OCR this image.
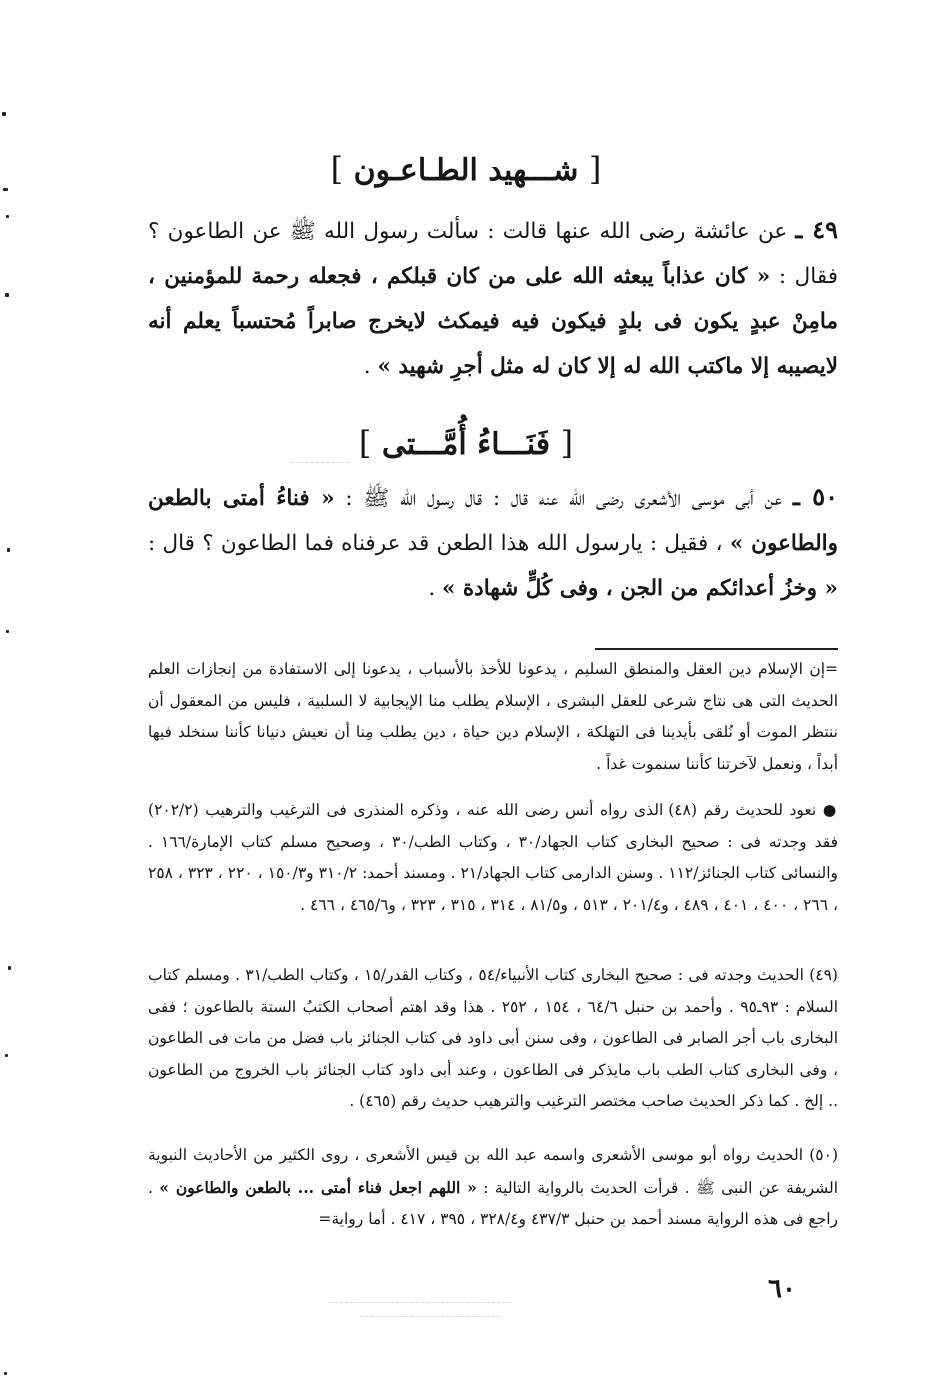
[ شـــهيد الطـاعـون ]
٤٩ ـ عن عائشة رضى الله عنها قالت : سألت رسول الله ﷺ عن الطاعون ؟ فقال : « كان عذاباً يبعثه الله على من كان قبلكم ، فجعله رحمة للمؤمنين ، مامِنْ عبدٍ يكون فى بلدٍ فيكون فيه فيمكث لايخرج صابراً مُحتسباً يعلم أنه لايصيبه إلا ماكتب الله له إلا كان له مثل أجرِ شهيد » .
[ فَنَـــاءُ أُمَّـــتى ]
٥٠ ـ عن أبى موسى الأشعرى رضى الله عنه قال : قال رسول الله ﷺ : « فناءُ أمتى بالطعن والطاعون » ، فقيل : يارسول الله هذا الطعن قد عرفناه فما الطاعون ؟ قال : « وخزُ أعدائكم من الجن ، وفى كُلٍّ شهادة » .
=إن الإسلام دين العقل والمنطق السليم ، يدعونا للأخذ بالأسباب ، يدعونا إلى الاستفادة من إنجازات العلم الحديث التى هى نتاج شرعى للعقل البشرى ، الإسلام يطلب منا الإيجابية لا السلبية ، فليس من المعقول أن ننتظر الموت أو نُلقى بأيدينا فى التهلكة ، الإسلام دين حياة ، دين يطلب مِنا أن نعيش دنيانا كأننا سنخلد فيها أبداً ، ونعمل لآخرتنا كأننا سنموت غداً .
● نعود للحديث رقم (٤٨) الذى رواه أنس رضى الله عنه ، وذكره المنذرى فى الترغيب والترهيب (٢٠٢/٢) فقد وجدته فى : صحيح البخارى كتاب الجهاد/٣٠ ، وكتاب الطب/٣٠ ، وصحيح مسلم كتاب الإمارة/١٦٦ . والنسائى كتاب الجنائز/١١٢ . وسنن الدارمى كتاب الجهاد/٢١ . ومسند أحمد: ٣١٠/٢ و١٥٠/٣ ، ٢٢٠ ، ٣٢٣ ، ٢٥٨ ، ٢٦٦ ، ٤٠٠ ، ٤٠١ ، ٤٨٩ ، و٢٠١/٤ ، ٥١٣ ، و٨١/٥ ، ٣١٤ ، ٣١٥ ، ٣٢٣ ، و٤٦٥/٦ ، ٤٦٦ .
(٤٩) الحديث وجدته فى : صحيح البخارى كتاب الأنبياء/٥٤ ، وكتاب القدر/١٥ ، وكتاب الطب/٣١ . ومسلم كتاب السلام : ٩٣ـ٩٥ . وأحمد بن حنبل ٦٤/٦ ، ١٥٤ ، ٢٥٢ . هذا وقد اهتم أصحاب الكتبُ الستة بالطاعون ؛ ففى البخارى باب أجر الصابر فى الطاعون ، وفى سنن أبى داود فى كتاب الجنائز باب فضل من مات فى الطاعون ، وفى البخارى كتاب الطب باب مايذكر فى الطاعون ، وعند أبى داود كتاب الجنائز باب الخروج من الطاعون .. إلخ . كما ذكر الحديث صاحب مختصر الترغيب والترهيب حديث رقم (٤٦٥) .
(٥٠) الحديث رواه أبو موسى الأشعرى واسمه عبد الله بن قيس الأشعرى ، روى الكثير من الأحاديث النبوية الشريفة عن النبى ﷺ . قرأت الحديث بالرواية التالية : « اللهم اجعل فناء أمتى ... بالطعن والطاعون » . راجع فى هذه الرواية مسند أحمد بن حنبل ٤٣٧/٣ و٣٢٨/٤ ، ٣٩٥ ، ٤١٧ . أما رواية=
٦٠
